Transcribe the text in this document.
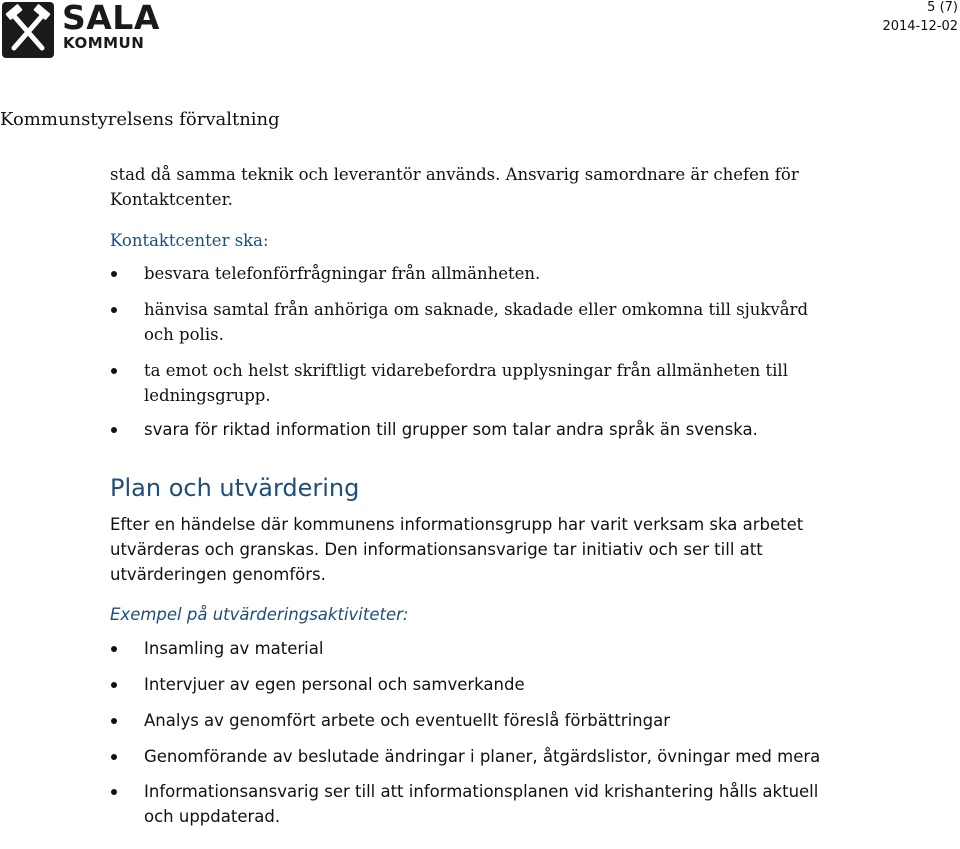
SALA
KOMMUN
5 (7)
2014-12-02
Kommunstyrelsens förvaltning

stad då samma teknik och leverantör används. Ansvarig samordnare är chefen för Kontaktcenter.

Kontaktcenter ska:

besvara telefonförfrågningar från allmänheten.
hänvisa samtal från anhöriga om saknade, skadade eller omkomna till sjukvård och polis.
ta emot och helst skriftligt vidarebefordra upplysningar från allmänheten till ledningsgrupp.
svara för riktad information till grupper som talar andra språk än svenska.
Plan och utvärdering

Efter en händelse där kommunens informationsgrupp har varit verksam ska arbetet utvärderas och granskas. Den informationsansvarige tar initiativ och ser till att utvärderingen genomförs.

Exempel på utvärderingsaktiviteter:

Insamling av material
Intervjuer av egen personal och samverkande
Analys av genomfört arbete och eventuellt föreslå förbättringar
Genomförande av beslutade ändringar i planer, åtgärdslistor, övningar med mera
Informationsansvarig ser till att informationsplanen vid krishantering hålls aktuell och uppdaterad.
